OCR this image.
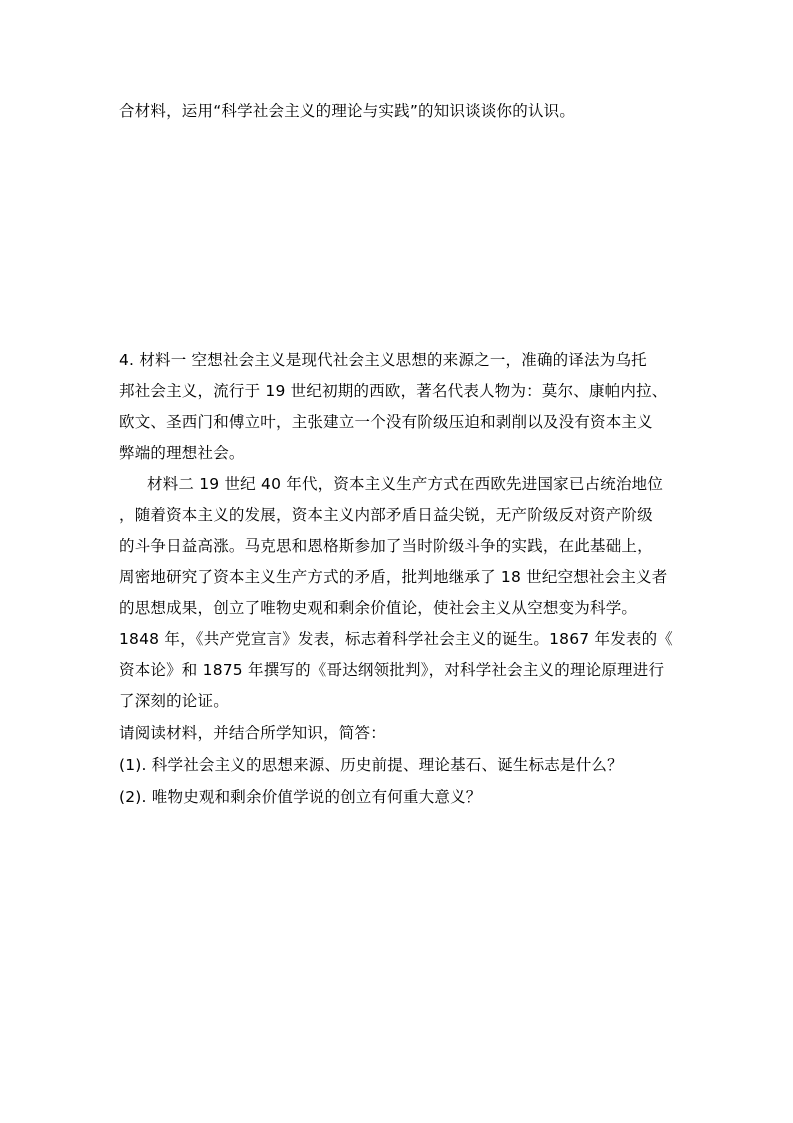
合材料，运用“科学社会主义的理论与实践”的知识谈谈你的认识。
4. 材料一 空想社会主义是现代社会主义思想的来源之一，准确的译法为乌托
邦社会主义，流行于 19 世纪初期的西欧，著名代表人物为：莫尔、康帕内拉、
欧文、圣西门和傅立叶，主张建立一个没有阶级压迫和剥削以及没有资本主义
弊端的理想社会。
材料二 19 世纪 40 年代，资本主义生产方式在西欧先进国家已占统治地位
，随着资本主义的发展，资本主义内部矛盾日益尖锐，无产阶级反对资产阶级
的斗争日益高涨。马克思和恩格斯参加了当时阶级斗争的实践，在此基础上，
周密地研究了资本主义生产方式的矛盾，批判地继承了 18 世纪空想社会主义者
的思想成果，创立了唯物史观和剩余价值论，使社会主义从空想变为科学。
1848 年，《共产党宣言》发表，标志着科学社会主义的诞生。1867 年发表的《
资本论》和 1875 年撰写的《哥达纲领批判》，对科学社会主义的理论原理进行
了深刻的论证。
请阅读材料，并结合所学知识，简答：
(1). 科学社会主义的思想来源、历史前提、理论基石、诞生标志是什么？
(2). 唯物史观和剩余价值学说的创立有何重大意义？
